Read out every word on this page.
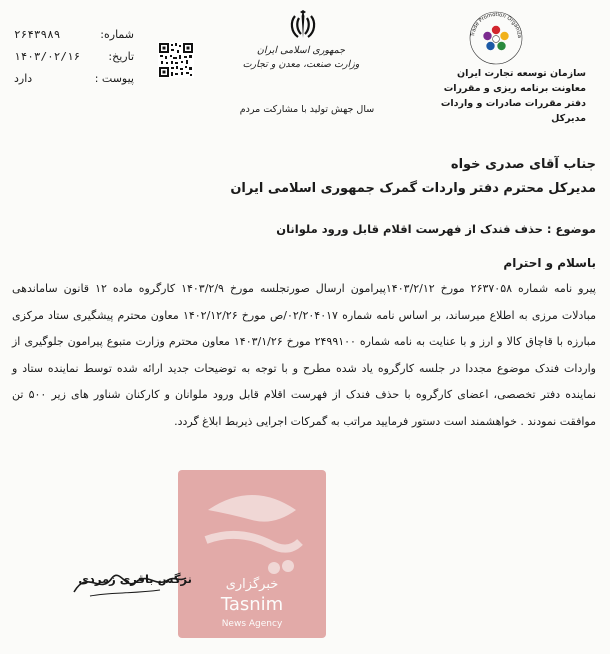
شماره:
۲۶۴۳۹۸۹
تاریخ:
۱۴۰۳/۰۲/۱۶
پیوست :
دارد
جمهوری اسلامی ایران
وزارت صنعت، معدن و تجارت
سال جهش تولید با مشارکت مردم
Trade Promotion Organiza
سازمان توسعه تجارت ایران
معاونت برنامه ریزی و مقررات
دفتر مقررات صادرات و واردات
مدیرکل
جناب آقای صدری خواه
مدیرکل محترم دفتر واردات گمرک جمهوری اسلامی ایران
موضوع : حذف فندک از فهرست اقلام قابل ورود ملوانان
باسلام و احترام
پیرو نامه شماره ۲۶۳۷۰۵۸ مورخ ۱۴۰۳/۲/۱۲پیرامون ارسال صورتجلسه مورخ ۱۴۰۳/۲/۹ کارگروه ماده ۱۲ قانون ساماندهی مبادلات مرزی به اطلاع میرساند، بر اساس نامه شماره ۰۲/۲۰۴۰۱۷/ص مورخ ۱۴۰۲/۱۲/۲۶ معاون محترم پیشگیری ستاد مرکزی مبارزه با قاچاق کالا و ارز و با عنایت به نامه شماره ۲۴۹۹۱۰۰ مورخ ۱۴۰۳/۱/۲۶ معاون محترم وزارت متبوع پیرامون جلوگیری از واردات فندک موضوع مجددا در جلسه کارگروه یاد شده مطرح و با توجه به توضیحات جدید ارائه شده توسط نماینده ستاد و نماینده دفتر تخصصی، اعضای کارگروه با حذف فندک از فهرست اقلام قابل ورود ملوانان و کارکنان شناور های زیر ۵۰۰ تن موافقت نمودند . خواهشمند است دستور فرمایید مراتب به گمرکات اجرایی ذیربط ابلاغ گردد.
خبرگزاری
Tasnim
News Agency
نرگس باقری زمردی
